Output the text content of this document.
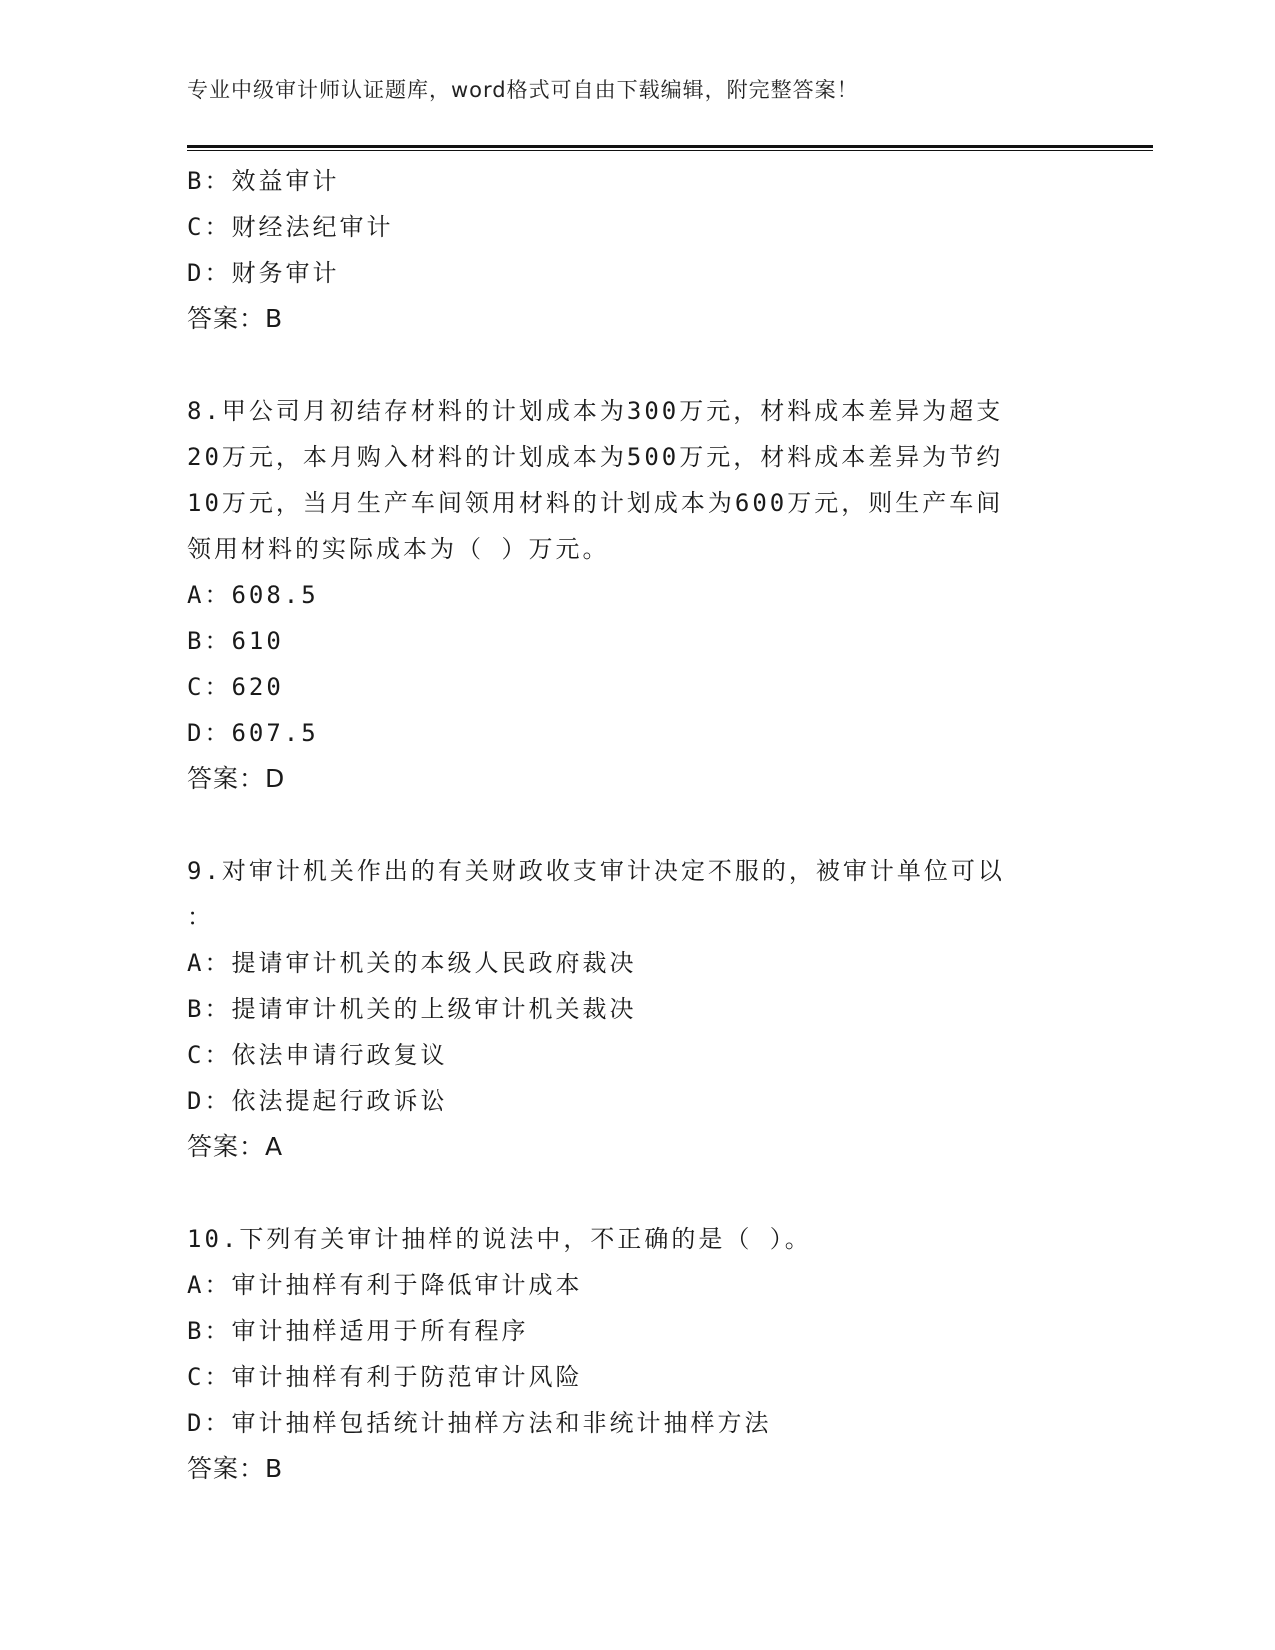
专业中级审计师认证题库，word格式可自由下载编辑，附完整答案！
B：效益审计
C：财经法纪审计
D：财务审计
答案：B
8.甲公司月初结存材料的计划成本为300万元，材料成本差异为超支
20万元，本月购入材料的计划成本为500万元，材料成本差异为节约
10万元，当月生产车间领用材料的计划成本为600万元，则生产车间
领用材料的实际成本为（ ）万元。
A：608.5
B：610
C：620
D：607.5
答案：D
9.对审计机关作出的有关财政收支审计决定不服的，被审计单位可以
：
A：提请审计机关的本级人民政府裁决
B：提请审计机关的上级审计机关裁决
C：依法申请行政复议
D：依法提起行政诉讼
答案：A
10.下列有关审计抽样的说法中，不正确的是（ ）。
A：审计抽样有利于降低审计成本
B：审计抽样适用于所有程序
C：审计抽样有利于防范审计风险
D：审计抽样包括统计抽样方法和非统计抽样方法
答案：B
